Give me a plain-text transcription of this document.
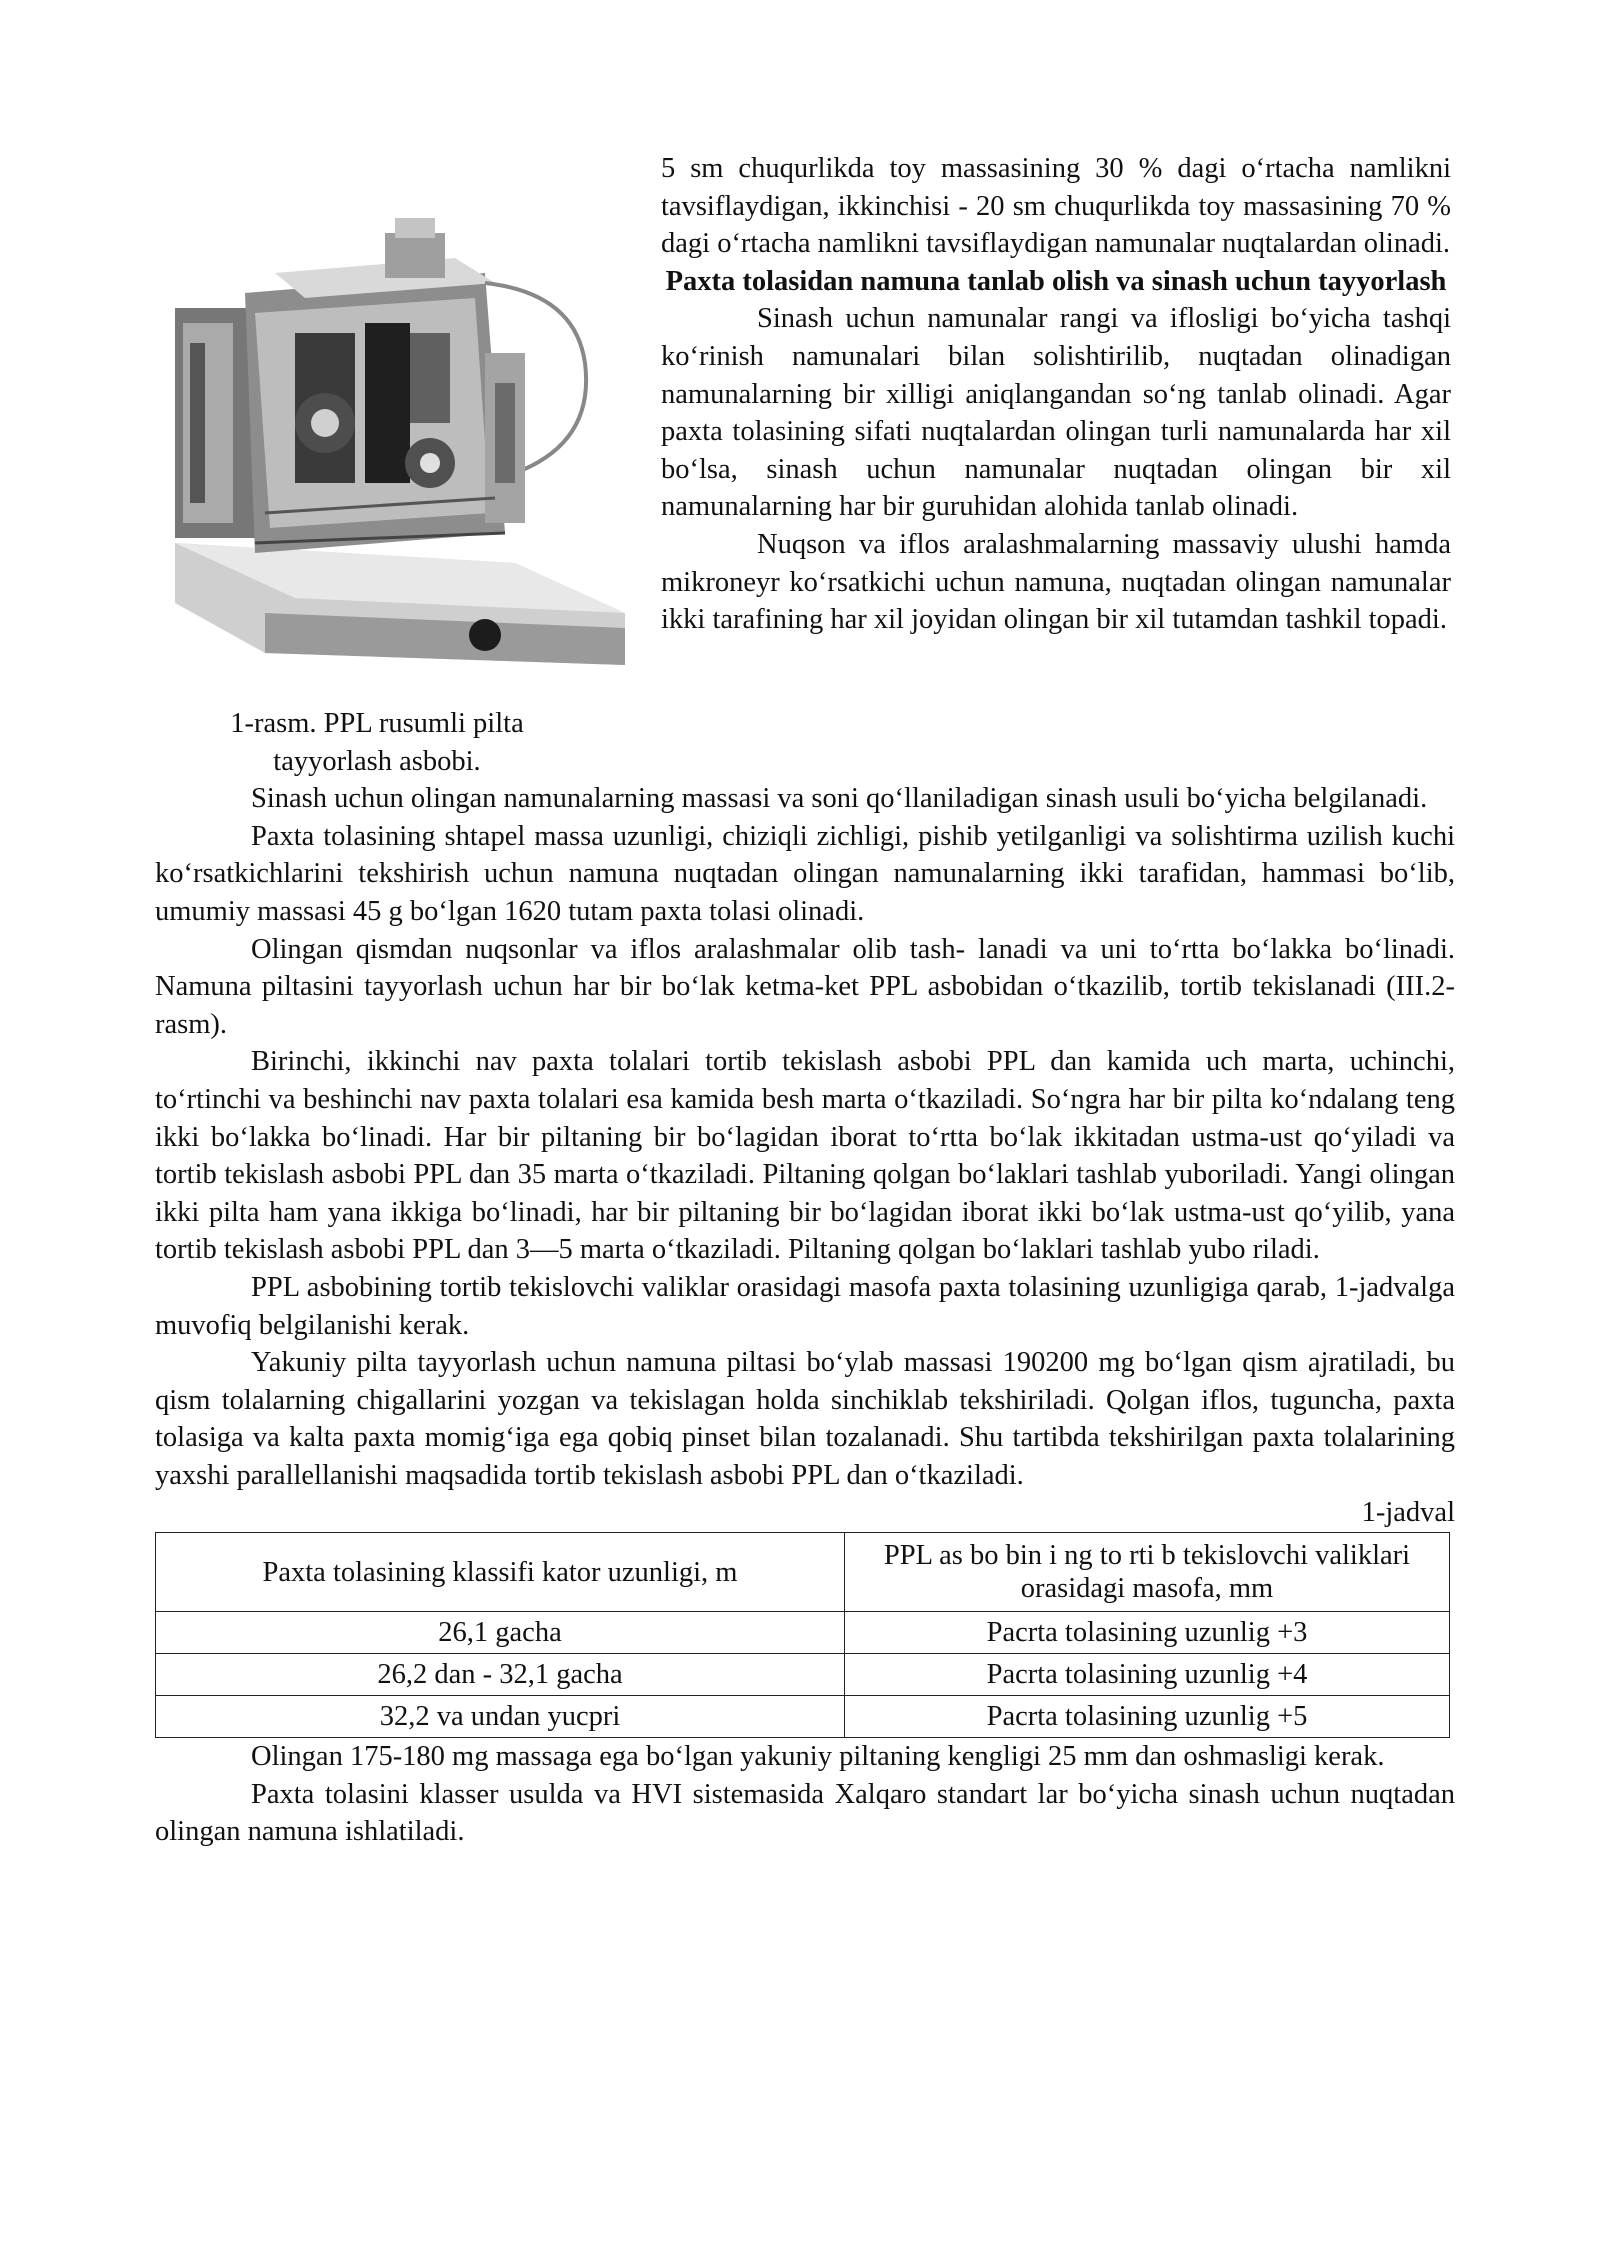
1-rasm. PPL rusumli pilta
tayyorlash asbobi.

5 sm chuqurlikda toy massasining 30 % dagi o‘rtacha namlikni tavsiflaydigan, ikkinchisi - 20 sm chuqurlikda toy massasining 70 % dagi o‘rtacha namlikni tavsiflaydigan namunalar nuqtalardan olinadi.

Paxta tolasidan namuna tanlab olish va sinash uchun tayyorlash

Sinash uchun namunalar rangi va iflosligi bo‘yicha tashqi ko‘rinish namunalari bilan solishtirilib, nuqtadan olinadigan namunalarning bir xilligi aniqlangandan so‘ng tanlab olinadi. Agar paxta tolasining sifati nuqtalardan olingan turli namunalarda har xil bo‘lsa, sinash uchun namunalar nuqtadan olingan bir xil namunalarning har bir guruhidan alohida tanlab olinadi.

Nuqson va iflos aralashmalarning massaviy ulushi hamda mikroneyr ko‘rsatkichi uchun namuna, nuqtadan olingan namunalar ikki tarafining har xil joyidan olingan bir xil tutamdan tashkil topadi.

Sinash uchun olingan namunalarning massasi va soni qo‘llaniladigan sinash usuli bo‘yicha belgilanadi.

Paxta tolasining shtapel massa uzunligi, chiziqli zichligi, pishib yetilganligi va solishtirma uzilish kuchi ko‘rsatkichlarini tekshirish uchun namuna nuqtadan olingan namunalarning ikki tarafidan, hammasi bo‘lib, umumiy massasi 45 g bo‘lgan 1620 tutam paxta tolasi olinadi.

Olingan qismdan nuqsonlar va iflos aralashmalar olib tash- lanadi va uni to‘rtta bo‘lakka bo‘linadi. Namuna piltasini tayyorlash uchun har bir bo‘lak ketma-ket PPL asbobidan o‘tkazilib, tortib tekislanadi (III.2-rasm).

Birinchi, ikkinchi nav paxta tolalari tortib tekislash asbobi PPL dan kamida uch marta, uchinchi, to‘rtinchi va beshinchi nav paxta tolalari esa kamida besh marta o‘tkaziladi. So‘ngra har bir pilta ko‘ndalang teng ikki bo‘lakka bo‘linadi. Har bir piltaning bir bo‘lagidan iborat to‘rtta bo‘lak ikkitadan ustma-ust qo‘yiladi va tortib tekislash asbobi PPL dan 35 marta o‘tkaziladi. Piltaning qolgan bo‘laklari tashlab yuboriladi. Yangi olingan ikki pilta ham yana ikkiga bo‘linadi, har bir piltaning bir bo‘lagidan iborat ikki bo‘lak ustma-ust qo‘yilib, yana tortib tekislash asbobi PPL dan 3—5 marta o‘tkaziladi. Piltaning qolgan bo‘laklari tashlab yubo riladi.

PPL asbobining tortib tekislovchi valiklar orasidagi masofa paxta tolasining uzunligiga qarab, 1-jadvalga muvofiq belgilanishi kerak.

Yakuniy pilta tayyorlash uchun namuna piltasi bo‘ylab massasi 190200 mg bo‘lgan qism ajratiladi, bu qism tolalarning chigallarini yozgan va tekislagan holda sinchiklab tekshiriladi. Qolgan iflos, tuguncha, paxta tolasiga va kalta paxta momig‘iga ega qobiq pinset bilan tozalanadi. Shu tartibda tekshirilgan paxta tolalarining yaxshi parallellanishi maqsadida tortib tekislash asbobi PPL dan o‘tkaziladi.

1-jadval

Paxta tolasining klassifi kator uzunligi, m	PPL as bo bin i ng to rti b tekislovchi valiklari orasidagi masofa, mm
26,1 gacha	Pacrta tolasining uzunlig +3
26,2 dan - 32,1 gacha	Pacrta tolasining uzunlig +4
32,2 va undan yucpri	Pacrta tolasining uzunlig +5

Olingan 175-180 mg massaga ega bo‘lgan yakuniy piltaning kengligi 25 mm dan oshmasligi kerak.

Paxta tolasini klasser usulda va HVI sistemasida Xalqaro standart lar bo‘yicha sinash uchun nuqtadan olingan namuna ishlatiladi.
